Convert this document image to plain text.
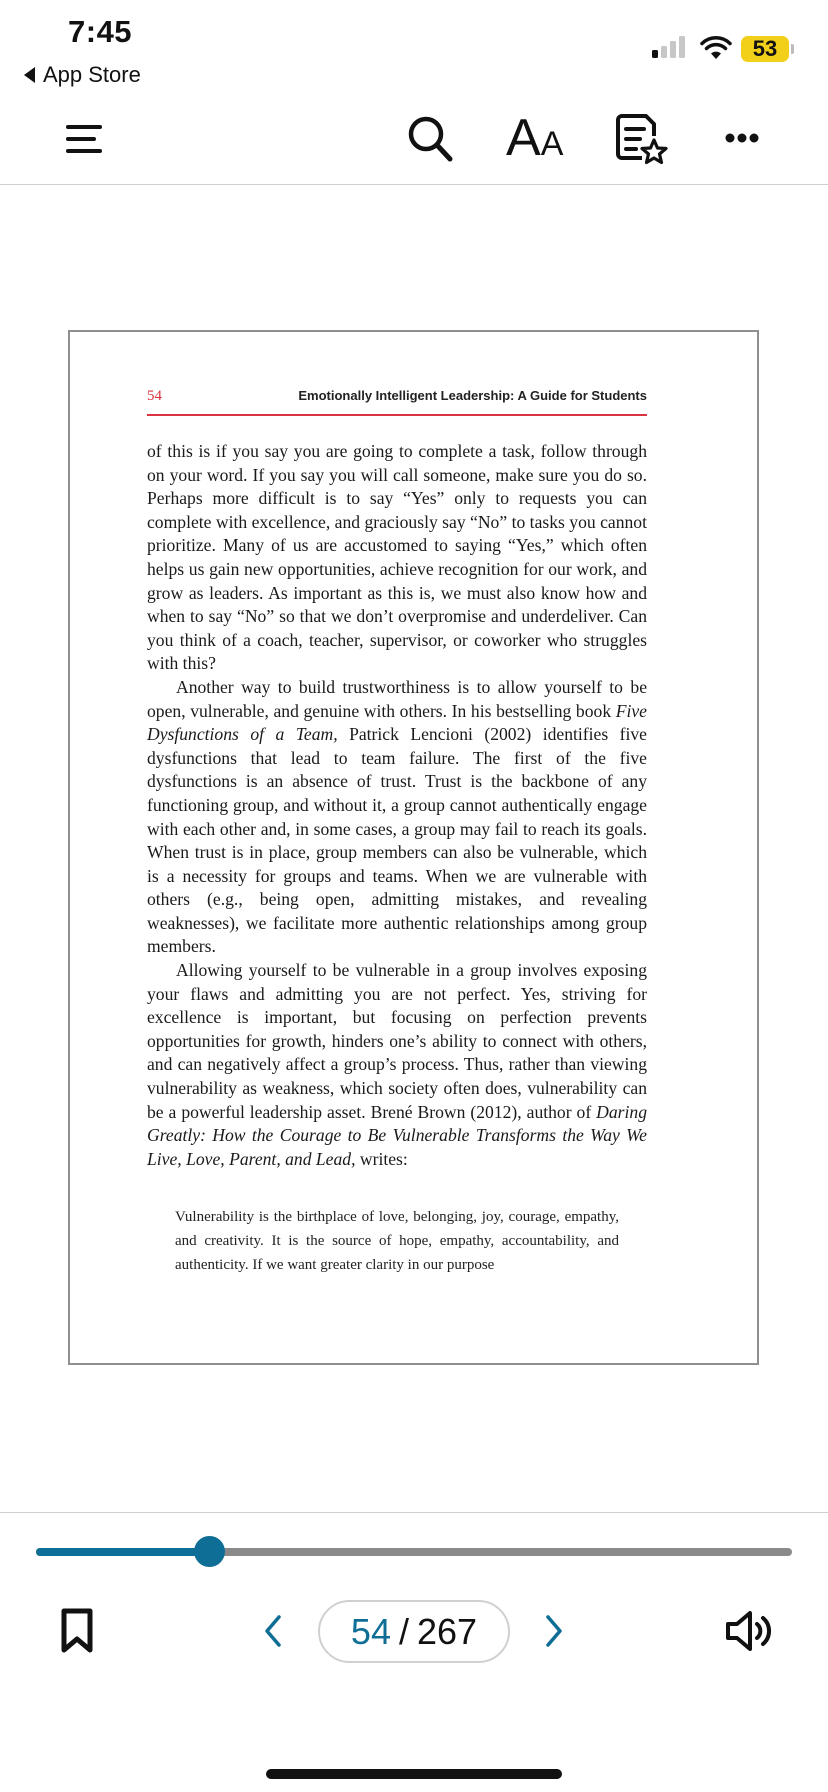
7:45
App Store
53
AA
54	Emotionally Intelligent Leadership: A Guide for Students

of this is if you say you are going to complete a task, follow through on your word. If you say you will call someone, make sure you do so. Perhaps more difficult is to say “Yes” only to requests you can complete with excellence, and graciously say “No” to tasks you cannot prioritize. Many of us are accustomed to saying “Yes,” which often helps us gain new opportunities, achieve recognition for our work, and grow as leaders. As important as this is, we must also know how and when to say “No” so that we don’t overpromise and underdeliver. Can you think of a coach, teacher, supervisor, or coworker who struggles with this?

Another way to build trustworthiness is to allow yourself to be open, vulnerable, and genuine with others. In his bestselling book Five Dysfunctions of a Team, Patrick Lencioni (2002) identifies five dysfunctions that lead to team failure. The first of the five dysfunctions is an absence of trust. Trust is the backbone of any functioning group, and without it, a group cannot authentically engage with each other and, in some cases, a group may fail to reach its goals. When trust is in place, group members can also be vulnerable, which is a necessity for groups and teams. When we are vulnerable with others (e.g., being open, admitting mistakes, and revealing weaknesses), we facilitate more authentic relationships among group members.

Allowing yourself to be vulnerable in a group involves exposing your flaws and admitting you are not perfect. Yes, striving for excellence is important, but focusing on perfection prevents opportunities for growth, hinders one’s ability to connect with others, and can negatively affect a group’s process. Thus, rather than viewing vulnerability as weakness, which society often does, vulnerability can be a powerful leadership asset. Brené Brown (2012), author of Daring Greatly: How the Courage to Be Vulnerable Transforms the Way We Live, Love, Parent, and Lead, writes:

Vulnerability is the birthplace of love, belonging, joy, courage, empathy, and creativity. It is the source of hope, empathy, accountability, and authenticity. If we want greater clarity in our purpose
54 / 267
